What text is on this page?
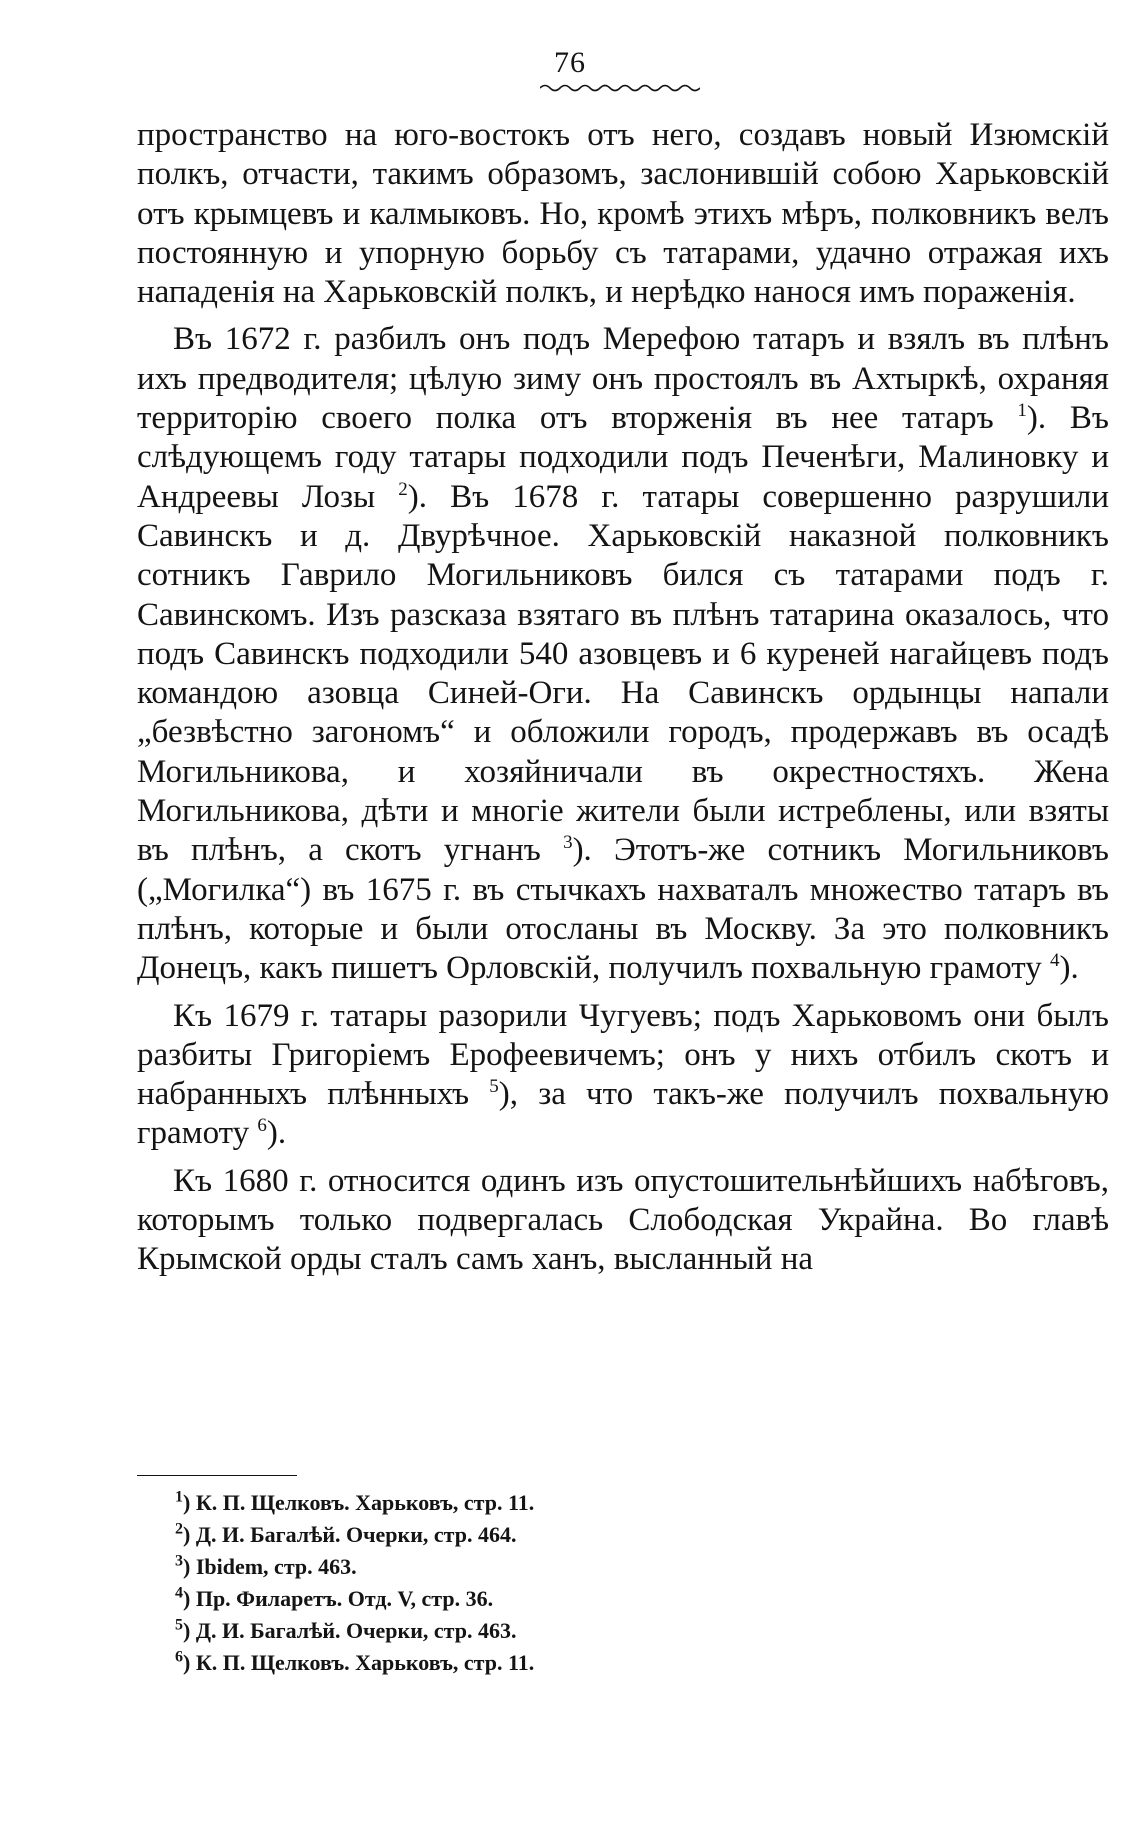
76

пространство на юго-востокъ отъ него, создавъ новый Изюмскій полкъ, отчасти, такимъ образомъ, заслонившій собою Харьковскій отъ крымцевъ и калмыковъ. Но, кромѣ этихъ мѣръ, полковникъ велъ постоянную и упорную борьбу съ татарами, удачно отражая ихъ нападенія на Харьковскій полкъ, и нерѣдко нанося имъ пораженія.

Въ 1672 г. разбилъ онъ подъ Мерефою татаръ и взялъ въ плѣнъ ихъ предводителя; цѣлую зиму онъ простоялъ въ Ахтыркѣ, охраняя территорію своего полка отъ вторженія въ нее татаръ $^1$). Въ слѣдующемъ году татары подходили подъ Печенѣги, Малиновку и Андреевы Лозы $^2$). Въ 1678 г. татары совершенно разрушили Савинскъ и д. Двурѣчное. Харьковскій наказной полковникъ сотникъ Гаврило Могильниковъ бился съ татарами подъ г. Савинскомъ. Изъ разсказа взятаго въ плѣнъ татарина оказалось, что подъ Савинскъ подходили 540 азовцевъ и 6 куреней нагайцевъ подъ командою азовца Синей-Оги. На Савинскъ ордынцы напали „безвѣстно загономъ“ и обложили городъ, продержавъ въ осадѣ Могильникова, и хозяйничали въ окрестностяхъ. Жена Могильникова, дѣти и многіе жители были истреблены, или взяты въ плѣнъ, а скотъ угнанъ $^3$). Этотъ-же сотникъ Могильниковъ („Могилка“) въ 1675 г. въ стычкахъ нахваталъ множество татаръ въ плѣнъ, которые и были отосланы въ Москву. За это полковникъ Донецъ, какъ пишетъ Орловскій, получилъ похвальную грамоту $^4$).

Къ 1679 г. татары разорили Чугуевъ; подъ Харьковомъ они былъ разбиты Григоріемъ Ерофеевичемъ; онъ у нихъ отбилъ скотъ и набранныхъ плѣнныхъ $^5$), за что такъ-же получилъ похвальную грамоту $^6$).

Къ 1680 г. относится одинъ изъ опустошительнѣйшихъ набѣговъ, которымъ только подвергалась Слободская Украйна. Во главѣ Крымской орды сталъ самъ ханъ, высланный на

$^1$) К. П. Щелковъ. Харьковъ, стр. 11.
$^2$) Д. И. Багалѣй. Очерки, стр. 464.
$^3$) Ibidem, стр. 463.
$^4$) Пр. Филаретъ. Отд. V, стр. 36.
$^5$) Д. И. Багалѣй. Очерки, стр. 463.
$^6$) К. П. Щелковъ. Харьковъ, стр. 11.
